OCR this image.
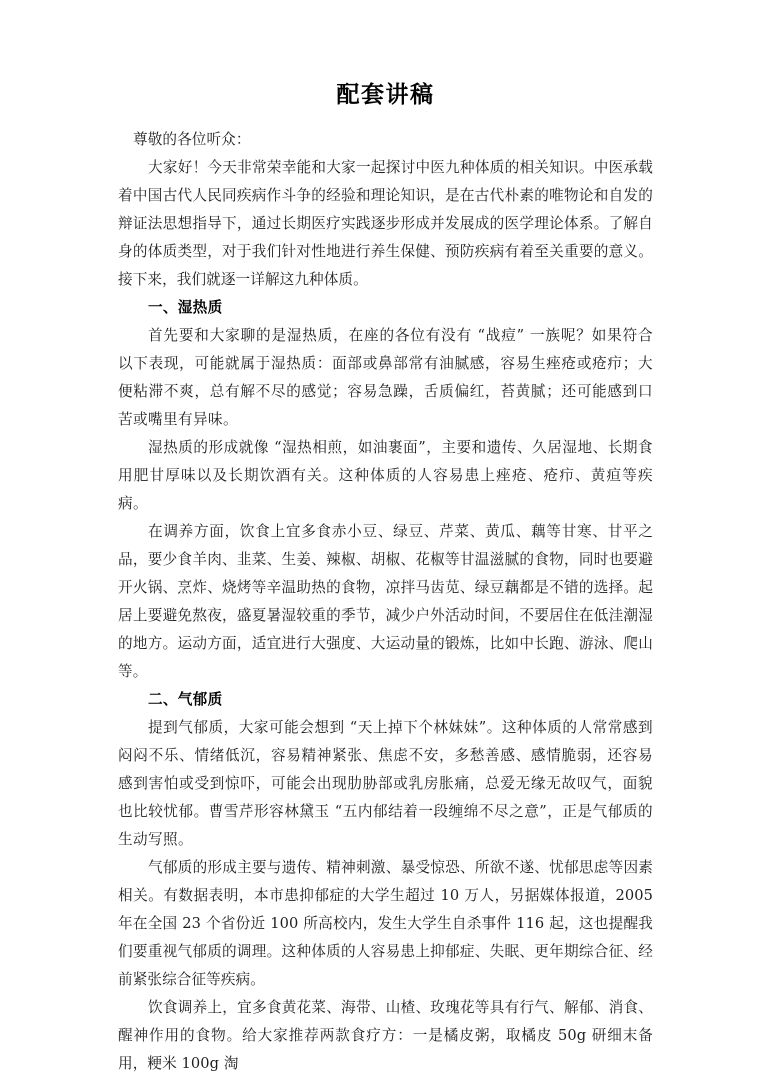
配套讲稿

尊敬的各位听众：

大家好！今天非常荣幸能和大家一起探讨中医九种体质的相关知识。中医承载着中国古代人民同疾病作斗争的经验和理论知识，是在古代朴素的唯物论和自发的辩证法思想指导下，通过长期医疗实践逐步形成并发展成的医学理论体系。了解自身的体质类型，对于我们针对性地进行养生保健、预防疾病有着至关重要的意义。接下来，我们就逐一详解这九种体质。

一、湿热质

首先要和大家聊的是湿热质，在座的各位有没有 “战痘” 一族呢？如果符合以下表现，可能就属于湿热质：面部或鼻部常有油腻感，容易生痤疮或疮疖；大便粘滞不爽，总有解不尽的感觉；容易急躁，舌质偏红，苔黄腻；还可能感到口苦或嘴里有异味。

湿热质的形成就像 “湿热相煎，如油裹面”，主要和遗传、久居湿地、长期食用肥甘厚味以及长期饮酒有关。这种体质的人容易患上痤疮、疮疖、黄疸等疾病。

在调养方面，饮食上宜多食赤小豆、绿豆、芹菜、黄瓜、藕等甘寒、甘平之品，要少食羊肉、韭菜、生姜、辣椒、胡椒、花椒等甘温滋腻的食物，同时也要避开火锅、烹炸、烧烤等辛温助热的食物，凉拌马齿苋、绿豆藕都是不错的选择。起居上要避免熬夜，盛夏暑湿较重的季节，减少户外活动时间，不要居住在低洼潮湿的地方。运动方面，适宜进行大强度、大运动量的锻炼，比如中长跑、游泳、爬山等。

二、气郁质

提到气郁质，大家可能会想到 “天上掉下个林妹妹”。这种体质的人常常感到闷闷不乐、情绪低沉，容易精神紧张、焦虑不安，多愁善感、感情脆弱，还容易感到害怕或受到惊吓，可能会出现肋胁部或乳房胀痛，总爱无缘无故叹气，面貌也比较忧郁。曹雪芹形容林黛玉 “五内郁结着一段缠绵不尽之意”，正是气郁质的生动写照。

气郁质的形成主要与遗传、精神刺激、暴受惊恐、所欲不遂、忧郁思虑等因素相关。有数据表明，本市患抑郁症的大学生超过 10 万人，另据媒体报道，2005 年在全国 23 个省份近 100 所高校内，发生大学生自杀事件 116 起，这也提醒我们要重视气郁质的调理。这种体质的人容易患上抑郁症、失眠、更年期综合征、经前紧张综合征等疾病。

饮食调养上，宜多食黄花菜、海带、山楂、玫瑰花等具有行气、解郁、消食、醒神作用的食物。给大家推荐两款食疗方：一是橘皮粥，取橘皮 50g 研细末备用，粳米 100g 淘
